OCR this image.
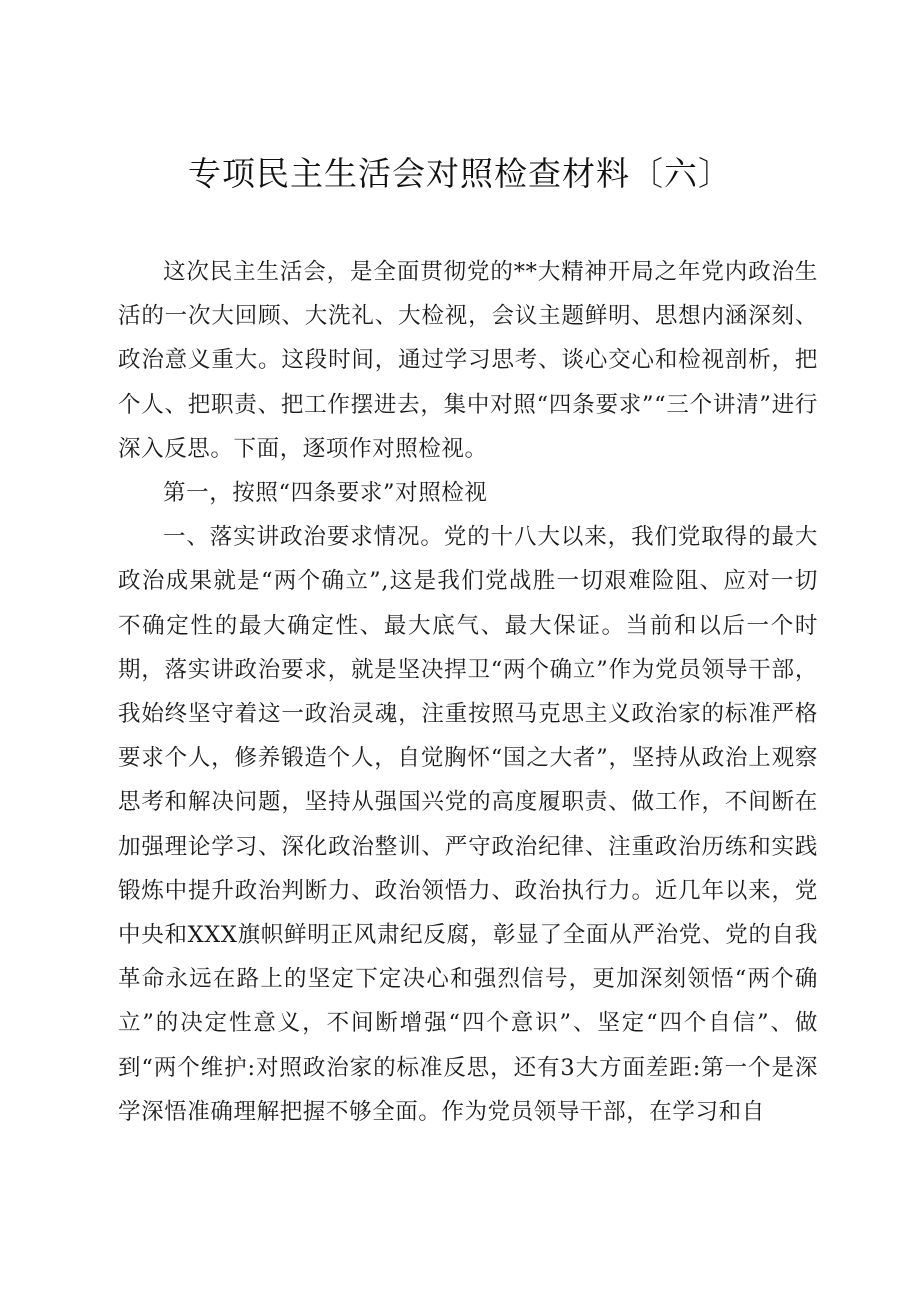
专项民主生活会对照检查材料〔六〕

这次民主生活会，是全面贯彻党的**大精神开局之年党内政治生活的一次大回顾、大洗礼、大检视，会议主题鲜明、思想内涵深刻、政治意义重大。这段时间，通过学习思考、谈心交心和检视剖析，把个人、把职责、把工作摆进去，集中对照“四条要求”“三个讲清”进行深入反思。下面，逐项作对照检视。

第一，按照“四条要求”对照检视

一、落实讲政治要求情况。党的十八大以来，我们党取得的最大政治成果就是“两个确立”,这是我们党战胜一切艰难险阻、应对一切不确定性的最大确定性、最大底气、最大保证。当前和以后一个时期，落实讲政治要求，就是坚决捍卫“两个确立”作为党员领导干部，我始终坚守着这一政治灵魂，注重按照马克思主义政治家的标准严格要求个人，修养锻造个人，自觉胸怀“国之大者”，坚持从政治上观察思考和解决问题，坚持从强国兴党的高度履职责、做工作，不间断在加强理论学习、深化政治整训、严守政治纪律、注重政治历练和实践锻炼中提升政治判断力、政治领悟力、政治执行力。近几年以来，党中央和XXX旗帜鲜明正风肃纪反腐，彰显了全面从严治党、党的自我革命永远在路上的坚定下定决心和强烈信号，更加深刻领悟“两个确立”的决定性意义，不间断增强“四个意识”、坚定“四个自信”、做到“两个维护:对照政治家的标准反思，还有3大方面差距:第一个是深学深悟准确理解把握不够全面。作为党员领导干部，在学习和自
